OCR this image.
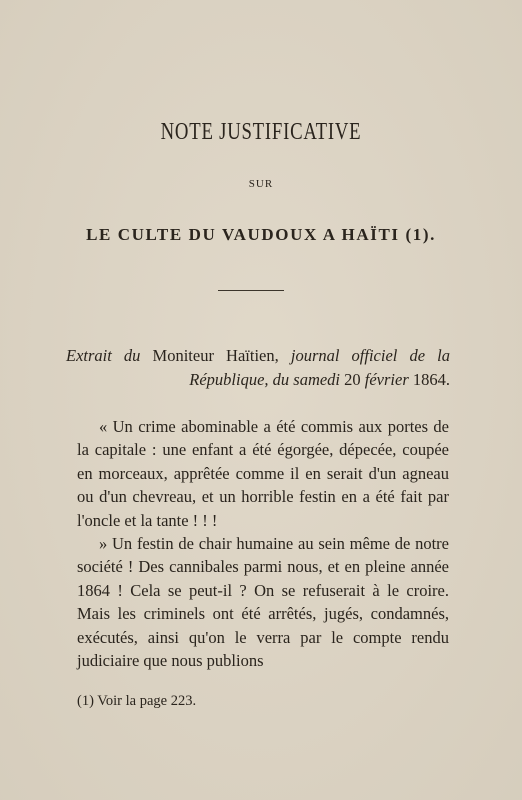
NOTE JUSTIFICATIVE
SUR
LE CULTE DU VAUDOUX A HAÏTI (1).
Extrait du Moniteur Haïtien, journal officiel de la République, du samedi 20 février 1864.

« Un crime abominable a été commis aux portes de la capitale : une enfant a été égorgée, dépecée, coupée en morceaux, apprêtée comme il en serait d'un agneau ou d'un chevreau, et un horrible festin en a été fait par l'oncle et la tante ! ! !

» Un festin de chair humaine au sein même de notre société ! Des cannibales parmi nous, et en pleine année 1864 ! Cela se peut-il ? On se refuserait à le croire. Mais les criminels ont été arrêtés, jugés, condamnés, exécutés, ainsi qu'on le verra par le compte rendu judiciaire que nous publions

(1) Voir la page 223.
